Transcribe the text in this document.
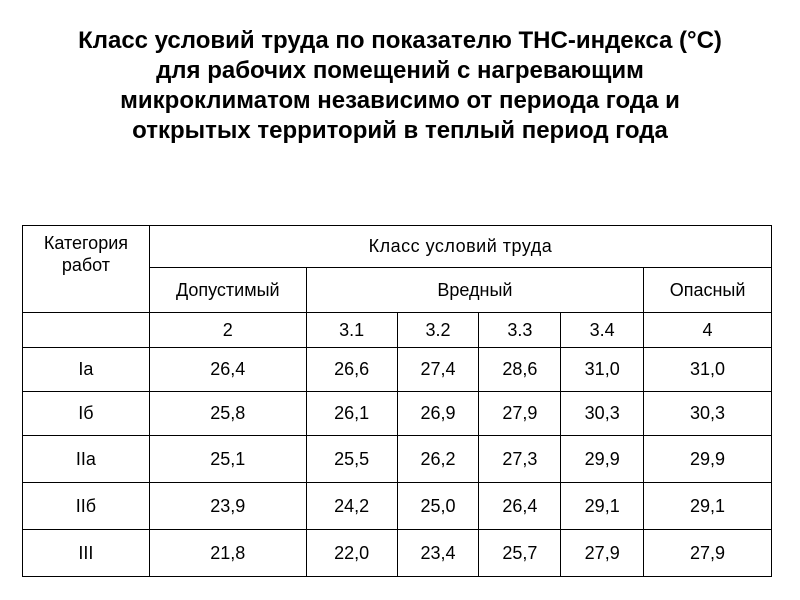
Класс условий труда по показателю ТНС-индекса (°С)
для рабочих помещений с нагревающим
микроклиматом независимо от периода года и
открытых территорий в теплый период года
Категория работ	Класс условий труда					
	Допустимый	Вредный				Опасный
	2	3.1	3.2	3.3	3.4	4
Ia	26,4	26,6	27,4	28,6	31,0	31,0
Iб	25,8	26,1	26,9	27,9	30,3	30,3
IIa	25,1	25,5	26,2	27,3	29,9	29,9
IIб	23,9	24,2	25,0	26,4	29,1	29,1
III	21,8	22,0	23,4	25,7	27,9	27,9
